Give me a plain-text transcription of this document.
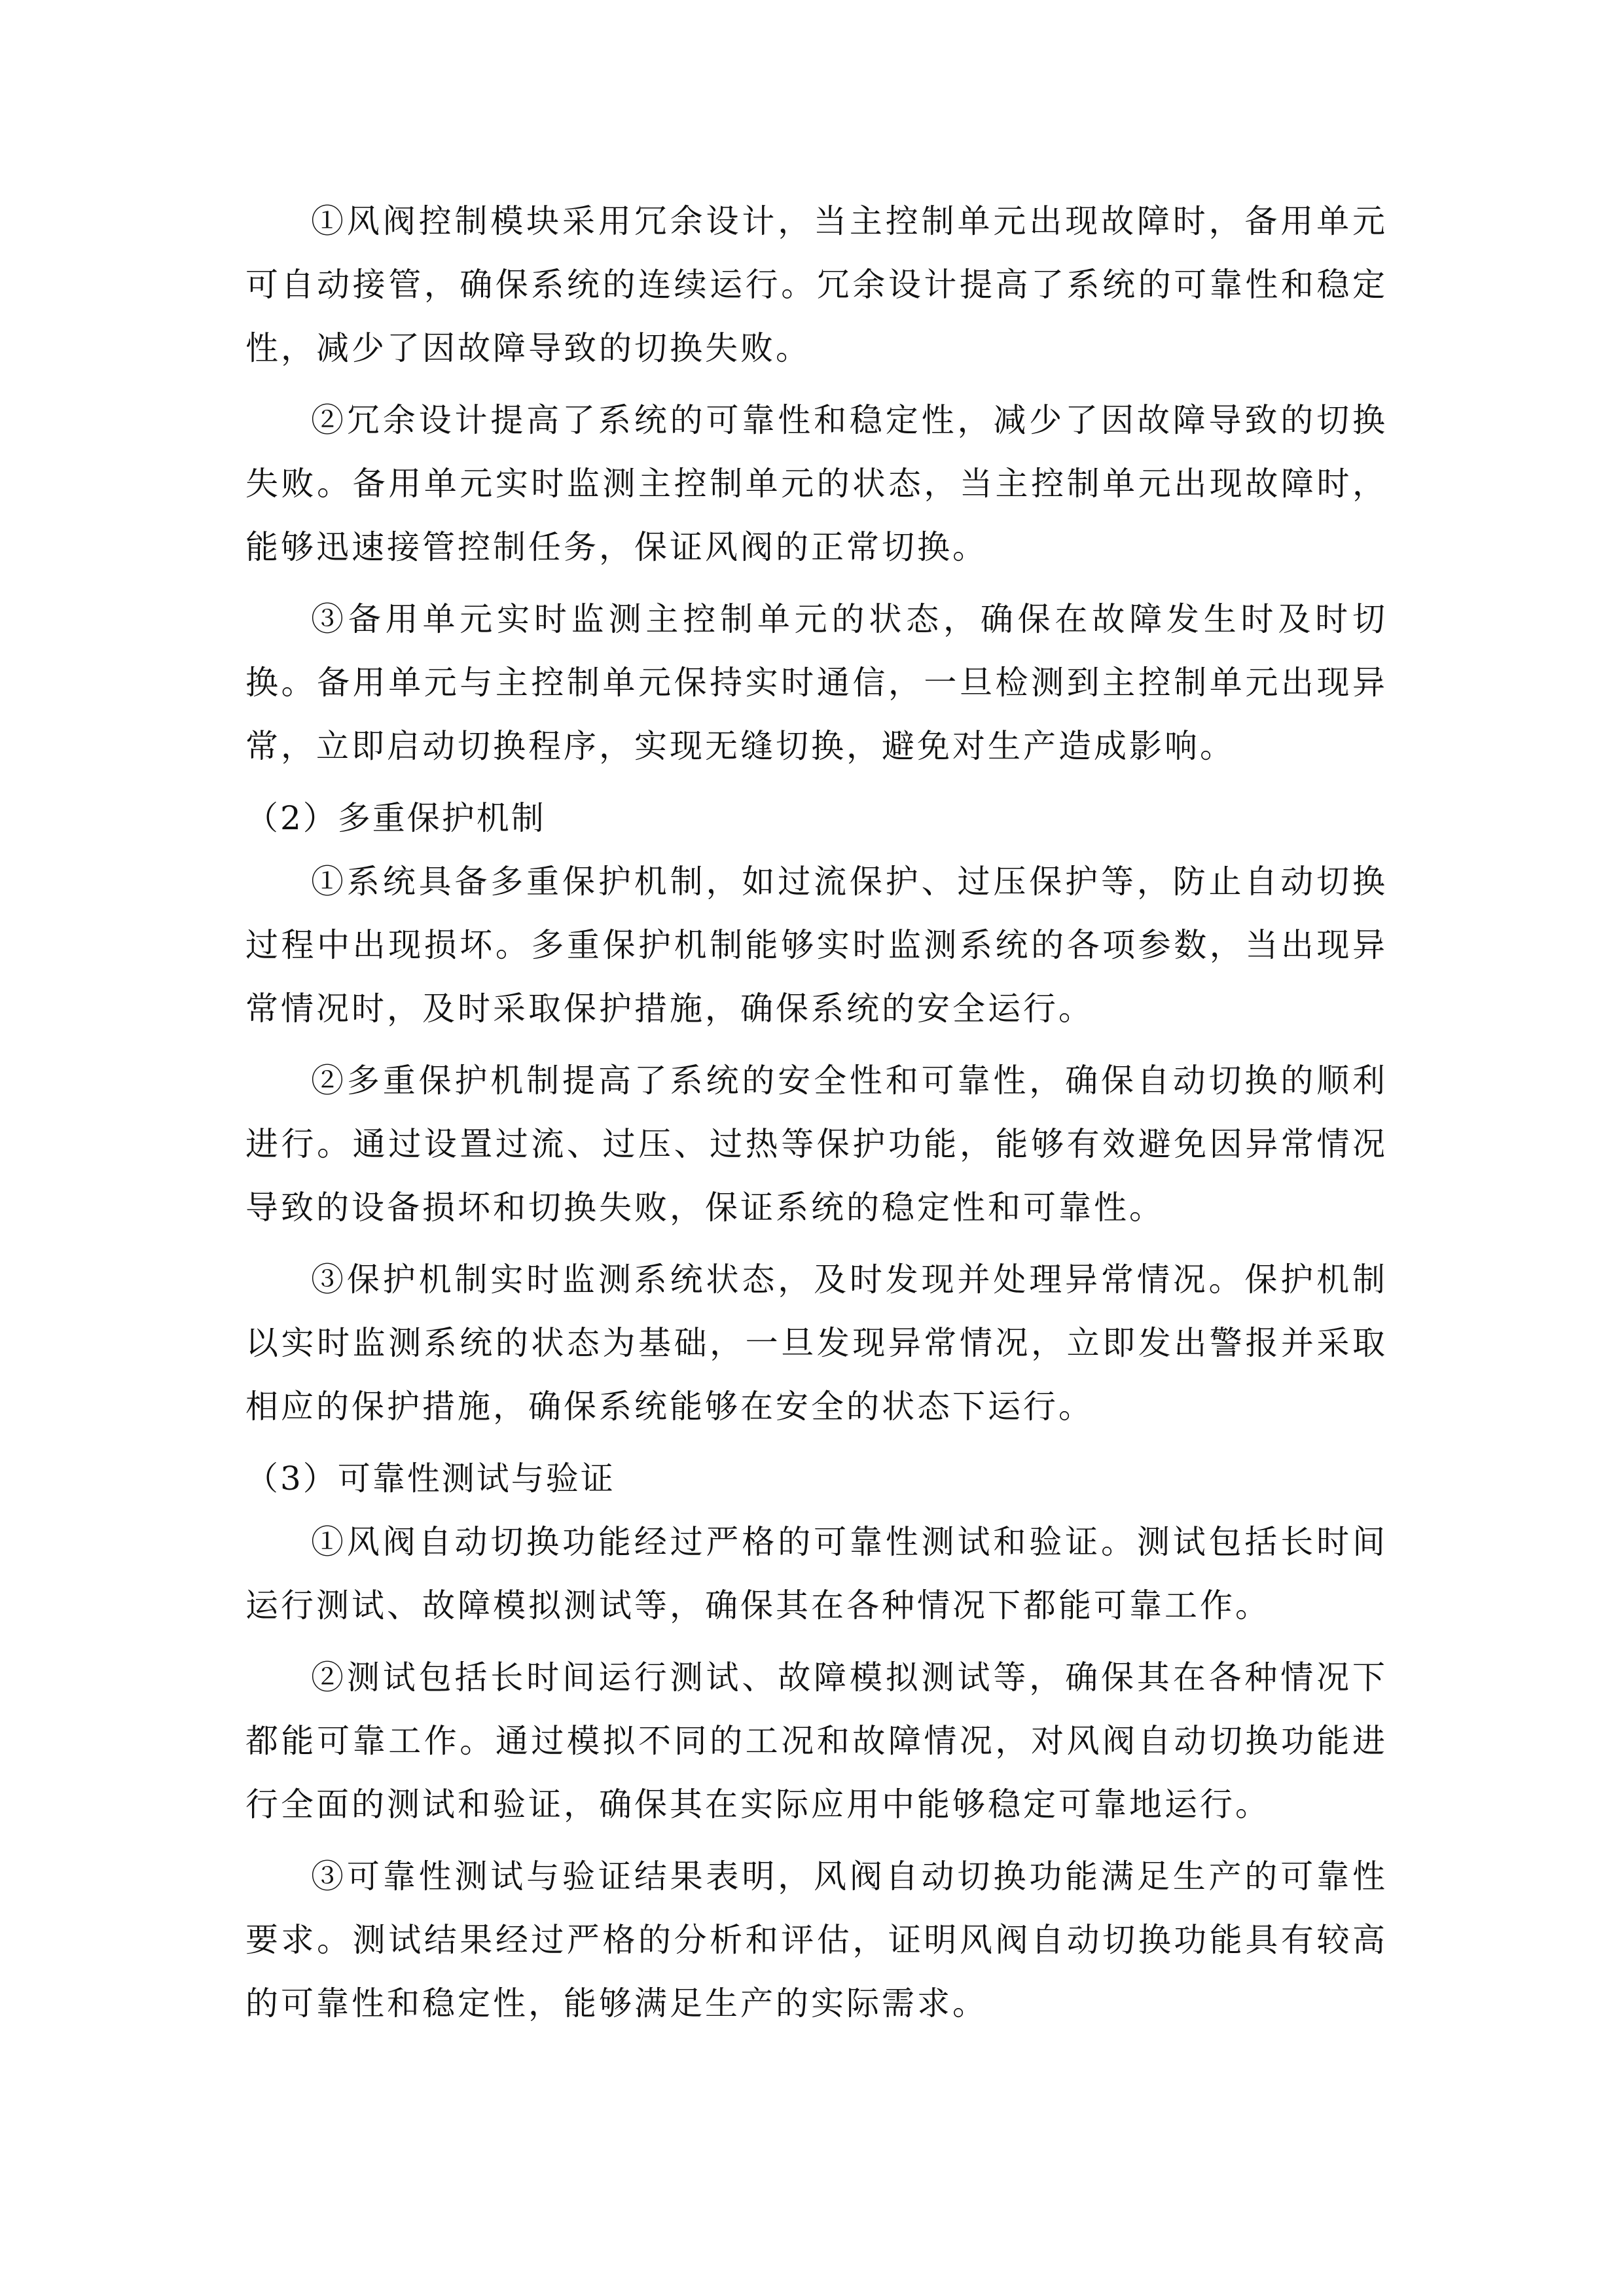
①风阀控制模块采用冗余设计，当主控制单元出现故障时，备用单元可自动接管，确保系统的连续运行。冗余设计提高了系统的可靠性和稳定性，减少了因故障导致的切换失败。

②冗余设计提高了系统的可靠性和稳定性，减少了因故障导致的切换失败。备用单元实时监测主控制单元的状态，当主控制单元出现故障时，能够迅速接管控制任务，保证风阀的正常切换。

③备用单元实时监测主控制单元的状态，确保在故障发生时及时切换。备用单元与主控制单元保持实时通信，一旦检测到主控制单元出现异常，立即启动切换程序，实现无缝切换，避免对生产造成影响。

（2）多重保护机制

①系统具备多重保护机制，如过流保护、过压保护等，防止自动切换过程中出现损坏。多重保护机制能够实时监测系统的各项参数，当出现异常情况时，及时采取保护措施，确保系统的安全运行。

②多重保护机制提高了系统的安全性和可靠性，确保自动切换的顺利进行。通过设置过流、过压、过热等保护功能，能够有效避免因异常情况导致的设备损坏和切换失败，保证系统的稳定性和可靠性。

③保护机制实时监测系统状态，及时发现并处理异常情况。保护机制以实时监测系统的状态为基础，一旦发现异常情况，立即发出警报并采取相应的保护措施，确保系统能够在安全的状态下运行。

（3）可靠性测试与验证

①风阀自动切换功能经过严格的可靠性测试和验证。测试包括长时间运行测试、故障模拟测试等，确保其在各种情况下都能可靠工作。

②测试包括长时间运行测试、故障模拟测试等，确保其在各种情况下都能可靠工作。通过模拟不同的工况和故障情况，对风阀自动切换功能进行全面的测试和验证，确保其在实际应用中能够稳定可靠地运行。

③可靠性测试与验证结果表明，风阀自动切换功能满足生产的可靠性要求。测试结果经过严格的分析和评估，证明风阀自动切换功能具有较高的可靠性和稳定性，能够满足生产的实际需求。
